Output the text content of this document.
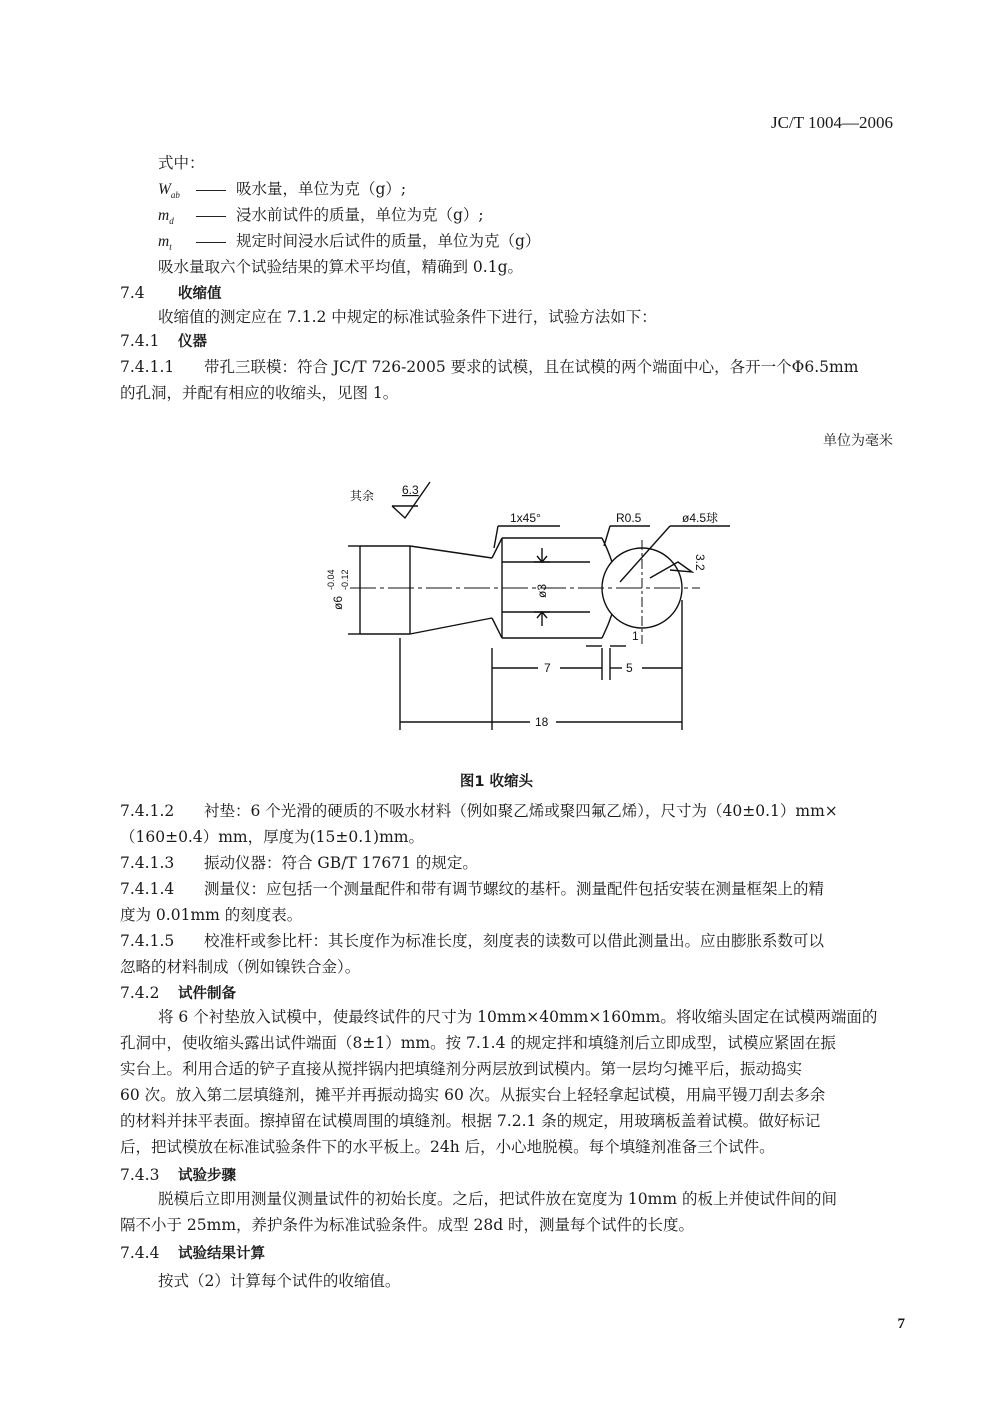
JC/T 1004—2006
式中：
$W_{ab}$	吸水量，单位为克（g）;
$m_d$	浸水前试件的质量，单位为克（g）;
$m_t$	规定时间浸水后试件的质量，单位为克（g）
吸水量取六个试验结果的算术平均值，精确到 0.1g。
7.4 收缩值
收缩值的测定应在 7.1.2 中规定的标准试验条件下进行，试验方法如下：
7.4.1 仪器
7.4.1.1 带孔三联模：符合 JC/T 726-2005 要求的试模，且在试模的两个端面中心，各开一个Φ6.5mm
的孔洞，并配有相应的收缩头，见图 1。
单位为毫米
其余 6.3
1x45°	R0.5	ø4.5球
3.2
ø6
-0.04 -0.12
ø3
7	5
1
18
图1 收缩头
7.4.1.2 衬垫：6 个光滑的硬质的不吸水材料（例如聚乙烯或聚四氟乙烯），尺寸为（40±0.1）mm×
（160±0.4）mm，厚度为(15±0.1)mm。
7.4.1.3 振动仪器：符合 GB/T 17671 的规定。
7.4.1.4 测量仪：应包括一个测量配件和带有调节螺纹的基杆。测量配件包括安装在测量框架上的精
度为 0.01mm 的刻度表。
7.4.1.5 校准杆或参比杆：其长度作为标准长度，刻度表的读数可以借此测量出。应由膨胀系数可以
忽略的材料制成（例如镍铁合金）。
7.4.2 试件制备
将 6 个衬垫放入试模中，使最终试件的尺寸为 10mm×40mm×160mm。将收缩头固定在试模两端面的
孔洞中，使收缩头露出试件端面（8±1）mm。按 7.1.4 的规定拌和填缝剂后立即成型，试模应紧固在振
实台上。利用合适的铲子直接从搅拌锅内把填缝剂分两层放到试模内。第一层均匀摊平后，振动捣实
60 次。放入第二层填缝剂，摊平并再振动捣实 60 次。从振实台上轻轻拿起试模，用扁平镘刀刮去多余
的材料并抹平表面。擦掉留在试模周围的填缝剂。根据 7.2.1 条的规定，用玻璃板盖着试模。做好标记
后，把试模放在标准试验条件下的水平板上。24h 后，小心地脱模。每个填缝剂准备三个试件。
7.4.3 试验步骤
脱模后立即用测量仪测量试件的初始长度。之后，把试件放在宽度为 10mm 的板上并使试件间的间
隔不小于 25mm，养护条件为标准试验条件。成型 28d 时，测量每个试件的长度。
7.4.4 试验结果计算
按式（2）计算每个试件的收缩值。
7
